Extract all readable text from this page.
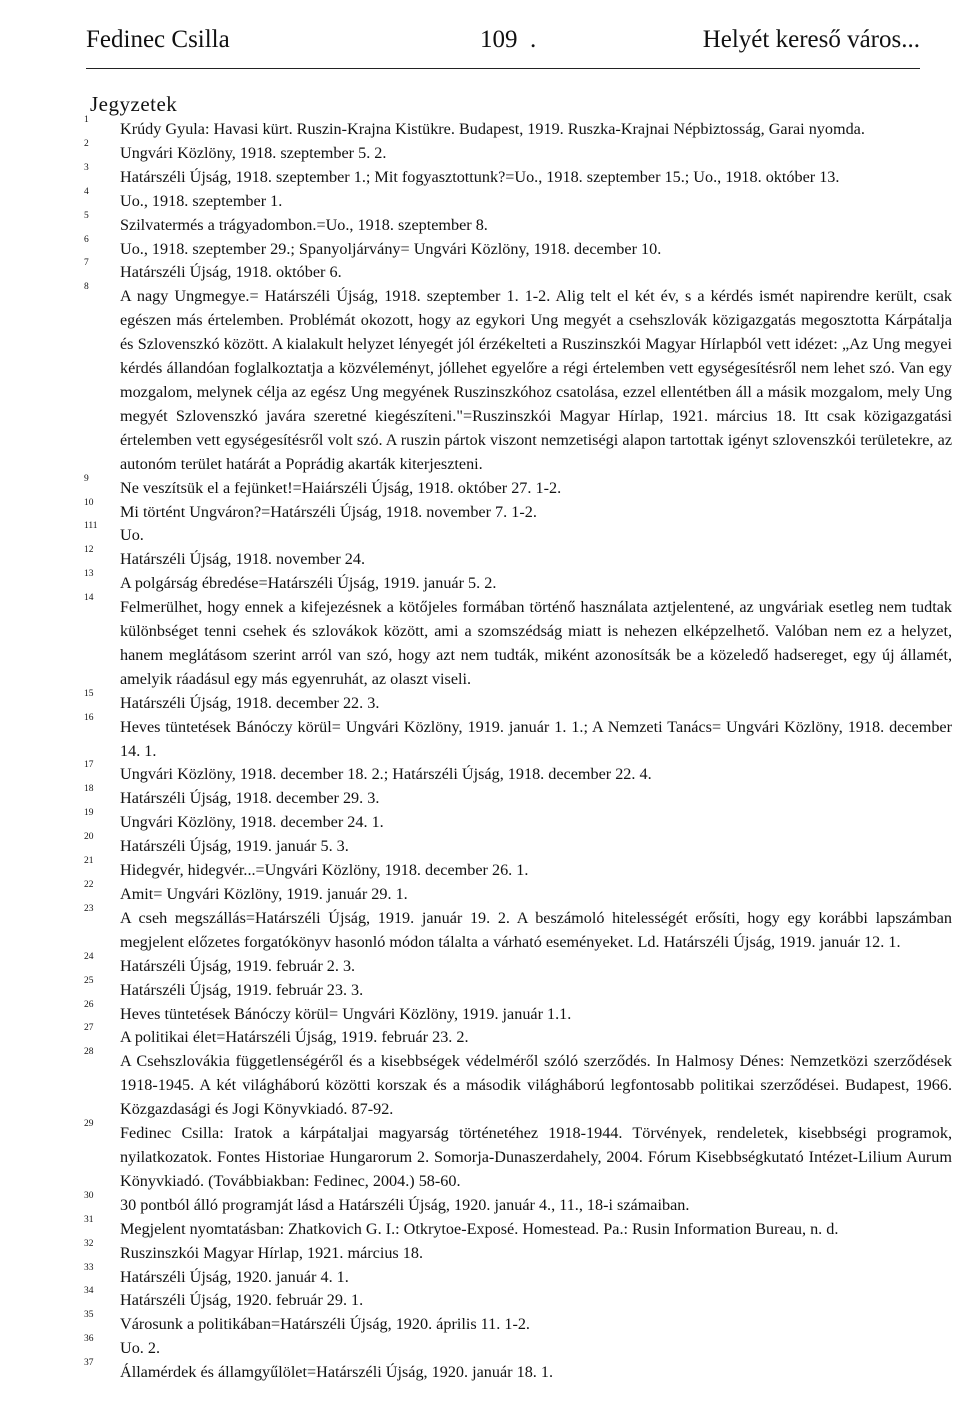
Fedinec Csilla	109 .	Helyét kereső város...
Jegyzetek
1 Krúdy Gyula: Havasi kürt. Ruszin-Krajna Kistükre. Budapest, 1919. Ruszka-Krajnai Népbiztosság, Garai nyomda.
2 Ungvári Közlöny, 1918. szeptember 5. 2.
3 Határszéli Újság, 1918. szeptember 1.; Mit fogyasztottunk?=Uo., 1918. szeptember 15.; Uo., 1918. október 13.
4 Uo., 1918. szeptember 1.
5 Szilvatermés a trágyadombon.=Uo., 1918. szeptember 8.
6 Uo., 1918. szeptember 29.; Spanyoljárvány= Ungvári Közlöny, 1918. december 10.
7 Határszéli Újság, 1918. október 6.
8 A nagy Ungmegye.= Határszéli Újság, 1918. szeptember 1. 1-2. Alig telt el két év, s a kérdés ismét napirendre került, csak egészen más értelemben. Problémát okozott, hogy az egykori Ung megyét a csehszlovák közigazgatás megosztotta Kárpátalja és Szlovenszkó között. A kialakult helyzet lényegét jól érzékelteti a Ruszinszkói Magyar Hírlapból vett idézet: „Az Ung megyei kérdés állandóan foglalkoztatja a közvéleményt, jóllehet egyelőre a régi értelemben vett egységesítésről nem lehet szó. Van egy mozgalom, melynek célja az egész Ung megyének Ruszinszkóhoz csatolása, ezzel ellentétben áll a másik mozgalom, mely Ung megyét Szlovenszkó javára szeretné kiegészíteni."=Ruszinszkói Magyar Hírlap, 1921. március 18. Itt csak közigazgatási értelemben vett egységesítésről volt szó. A ruszin pártok viszont nemzetiségi alapon tartottak igényt szlovenszkói területekre, az autonóm terület határát a Poprádig akarták kiterjeszteni.
9 Ne veszítsük el a fejünket!=Haiárszéli Újság, 1918. október 27. 1-2.
10 Mi történt Ungváron?=Határszéli Újság, 1918. november 7. 1-2.
111 Uo.
12 Határszéli Újság, 1918. november 24.
13 A polgárság ébredése=Határszéli Újság, 1919. január 5. 2.
14 Felmerülhet, hogy ennek a kifejezésnek a kötőjeles formában történő használata aztjelentené, az ungváriak esetleg nem tudtak különbséget tenni csehek és szlovákok között, ami a szomszédság miatt is nehezen elképzelhető. Valóban nem ez a helyzet, hanem meglátásom szerint arról van szó, hogy azt nem tudták, miként azonosítsák be a közeledő hadsereget, egy új államét, amelyik ráadásul egy más egyenruhát, az olaszt viseli.
15 Határszéli Újság, 1918. december 22. 3.
16 Heves tüntetések Bánóczy körül= Ungvári Közlöny, 1919. január 1. 1.; A Nemzeti Tanács= Ungvári Közlöny, 1918. december 14. 1.
17 Ungvári Közlöny, 1918. december 18. 2.; Határszéli Újság, 1918. december 22. 4.
18 Határszéli Újság, 1918. december 29. 3.
19 Ungvári Közlöny, 1918. december 24. 1.
20 Határszéli Újság, 1919. január 5. 3.
21 Hidegvér, hidegvér...=Ungvári Közlöny, 1918. december 26. 1.
22 Amit= Ungvári Közlöny, 1919. január 29. 1.
23 A cseh megszállás=Határszéli Újság, 1919. január 19. 2. A beszámoló hitelességét erősíti, hogy egy korábbi lapszámban megjelent előzetes forgatókönyv hasonló módon tálalta a várható eseményeket. Ld. Határszéli Újság, 1919. január 12. 1.
24 Határszéli Újság, 1919. február 2. 3.
25 Határszéli Újság, 1919. február 23. 3.
26 Heves tüntetések Bánóczy körül= Ungvári Közlöny, 1919. január 1.1.
27 A politikai élet=Határszéli Újság, 1919. február 23. 2.
28 A Csehszlovákia függetlenségéről és a kisebbségek védelméről szóló szerződés. In Halmosy Dénes: Nemzetközi szerződések 1918-1945. A két világháború közötti korszak és a második világháború legfontosabb politikai szerződései. Budapest, 1966. Közgazdasági és Jogi Könyvkiadó. 87-92.
29 Fedinec Csilla: Iratok a kárpátaljai magyarság történetéhez 1918-1944. Törvények, rendeletek, kisebbségi programok, nyilatkozatok. Fontes Historiae Hungarorum 2. Somorja-Dunaszerdahely, 2004. Fórum Kisebbségkutató Intézet-Lilium Aurum Könyvkiadó. (Továbbiakban: Fedinec, 2004.) 58-60.
30 30 pontból álló programját lásd a Határszéli Újság, 1920. január 4., 11., 18-i számaiban.
31 Megjelent nyomtatásban: Zhatkovich G. I.: Otkrytoe-Exposé. Homestead. Pa.: Rusin Information Bureau, n. d.
32 Ruszinszkói Magyar Hírlap, 1921. március 18.
33 Határszéli Újság, 1920. január 4. 1.
34 Határszéli Újság, 1920. február 29. 1.
35 Városunk a politikában=Határszéli Újság, 1920. április 11. 1-2.
36 Uo. 2.
37 Államérdek és államgyűlölet=Határszéli Újság, 1920. január 18. 1.
